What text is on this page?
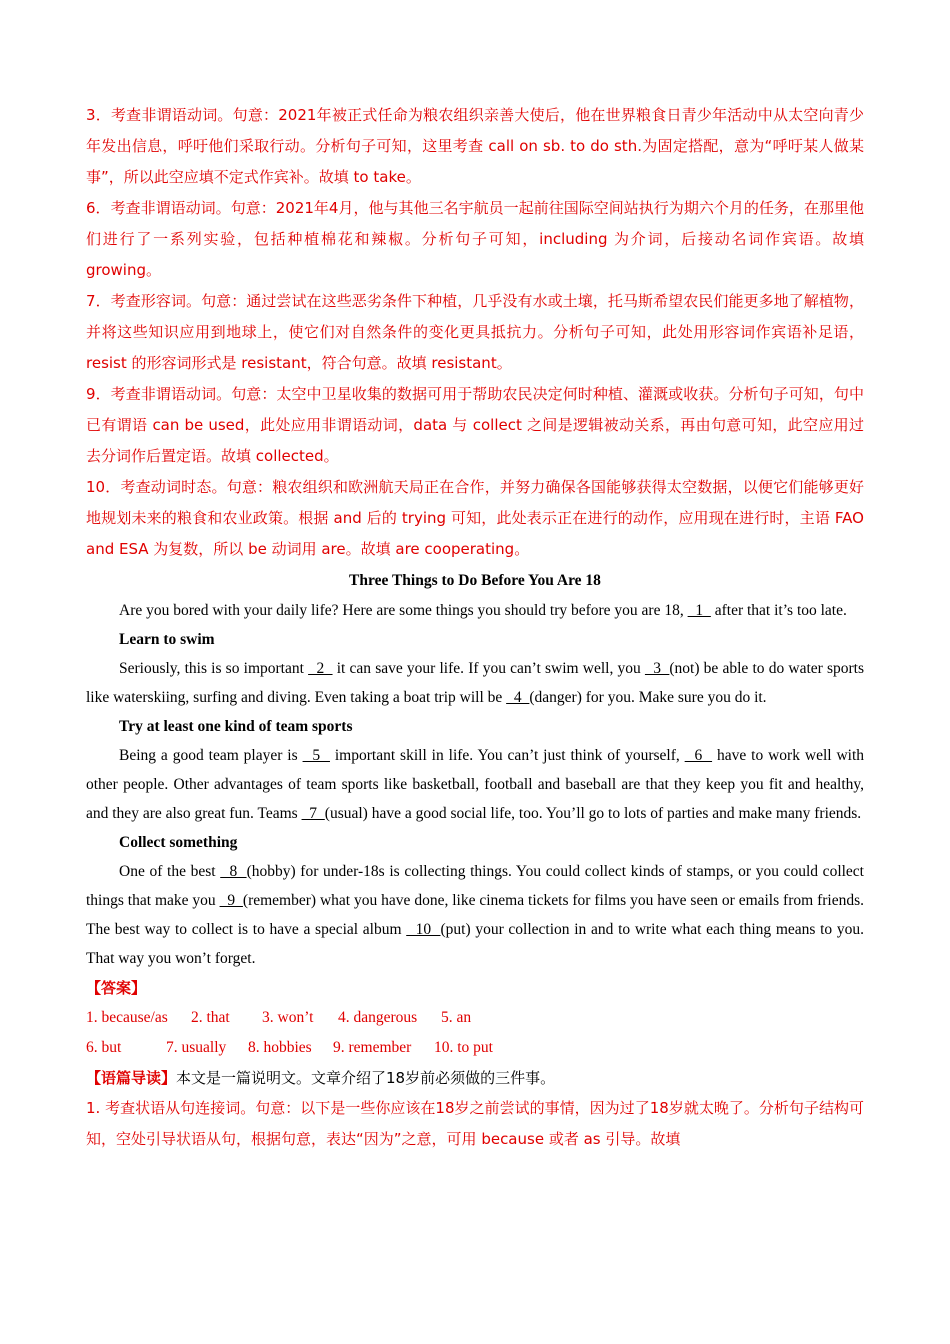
3．考查非谓语动词。句意：2021年被正式任命为粮农组织亲善大使后，他在世界粮食日青少年活动中从太空向青少年发出信息，呼吁他们采取行动。分析句子可知，这里考查 call on sb. to do sth.为固定搭配，意为“呼吁某人做某事”，所以此空应填不定式作宾补。故填 to take。

6．考查非谓语动词。句意：2021年4月，他与其他三名宇航员一起前往国际空间站执行为期六个月的任务，在那里他们进行了一系列实验，包括种植棉花和辣椒。分析句子可知，including 为介词，后接动名词作宾语。故填 growing。

7．考查形容词。句意：通过尝试在这些恶劣条件下种植，几乎没有水或土壤，托马斯希望农民们能更多地了解植物，并将这些知识应用到地球上，使它们对自然条件的变化更具抵抗力。分析句子可知，此处用形容词作宾语补足语，resist 的形容词形式是 resistant，符合句意。故填 resistant。

9．考查非谓语动词。句意：太空中卫星收集的数据可用于帮助农民决定何时种植、灌溉或收获。分析句子可知，句中已有谓语 can be used，此处应用非谓语动词，data 与 collect 之间是逻辑被动关系，再由句意可知，此空应用过去分词作后置定语。故填 collected。

10．考查动词时态。句意：粮农组织和欧洲航天局正在合作，并努力确保各国能够获得太空数据，以便它们能够更好地规划未来的粮食和农业政策。根据 and 后的 trying 可知，此处表示正在进行的动作，应用现在进行时，主语 FAO and ESA 为复数，所以 be 动词用 are。故填 are cooperating。

Three Things to Do Before You Are 18

Are you bored with your daily life? Here are some things you should try before you are 18,   1   after that it’s too late.

Learn to swim

Seriously, this is so important   2   it can save your life. If you can’t swim well, you   3  (not) be able to do water sports like waterskiing, surfing and diving. Even taking a boat trip will be   4  (danger) for you. Make sure you do it.

Try at least one kind of team sports

Being a good team player is   5   important skill in life. You can’t just think of yourself,   6   have to work well with other people. Other advantages of team sports like basketball, football and baseball are that they keep you fit and healthy, and they are also great fun. Teams   7  (usual) have a good social life, too. You’ll go to lots of parties and make many friends.

Collect something

One of the best   8  (hobby) for under-18s is collecting things. You could collect kinds of stamps, or you could collect things that make you   9  (remember) what you have done, like cinema tickets for films you have seen or emails from friends. The best way to collect is to have a special album   10  (put) your collection in and to write what each thing means to you. That way you won’t forget.

【答案】

1. because/as 2. that 3. won’t 4. dangerous 5. an

6. but	7. usually 8. hobbies 9. remember 10. to put

【语篇导读】本文是一篇说明文。文章介绍了18岁前必须做的三件事。

1. 考查状语从句连接词。句意：以下是一些你应该在18岁之前尝试的事情，因为过了18岁就太晚了。分析句子结构可知，空处引导状语从句，根据句意，表达“因为”之意，可用 because 或者 as 引导。故填
